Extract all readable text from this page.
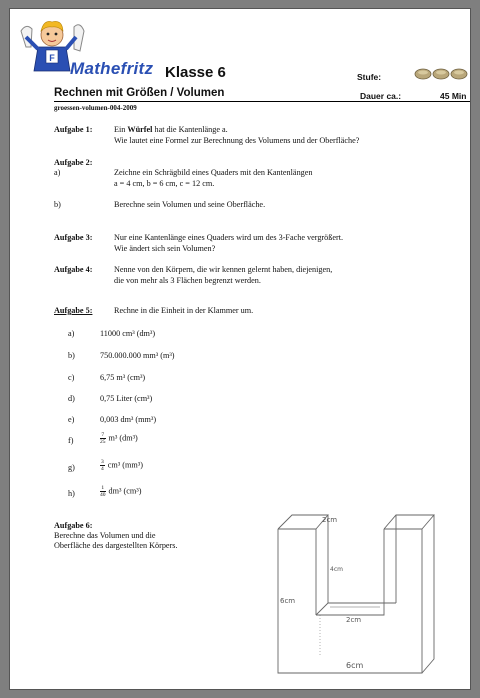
F
Mathefritz Klasse 6	Stufe:
Rechnen mit Größen / Volumen	Dauer ca.:	45 Min
groessen-volumen-004-2009
Aufgabe 1:	Ein Würfel hat die Kantenlänge a.
Wie lautet eine Formel zur Berechnung des Volumens und der Oberfläche?
Aufgabe 2:
a)	Zeichne ein Schrägbild eines Quaders mit den Kantenlängen
a = 4 cm, b = 6 cm, c = 12 cm.
b)	Berechne sein Volumen und seine Oberfläche.
Aufgabe 3:	Nur eine Kantenlänge eines Quaders wird um des 3-Fache vergrößert.
Wie ändert sich sein Volumen?
Aufgabe 4:	Nenne von den Körpern, die wir kennen gelernt haben, diejenigen,
die von mehr als 3 Flächen begrenzt werden.
Aufgabe 5:	Rechne in die Einheit in der Klammer um.
a)	11000 cm³ (dm³)
b)	750.000.000 mm³ (m³)
c)	6,75 m³ (cm³)
d)	0,75 Liter (cm³)
e)	0,003 dm³ (mm³)
f)	$\frac{7}{25} m^3$ (dm³)
g)	$\frac{3}{4} cm^3$ (mm³)
h)	$\frac{1}{40} dm^3$ (cm³)
Aufgabe 6:
Berechne das Volumen und die
Oberfläche des dargestellten Körpers.
2cm
4cm
6cm
2cm
6cm
